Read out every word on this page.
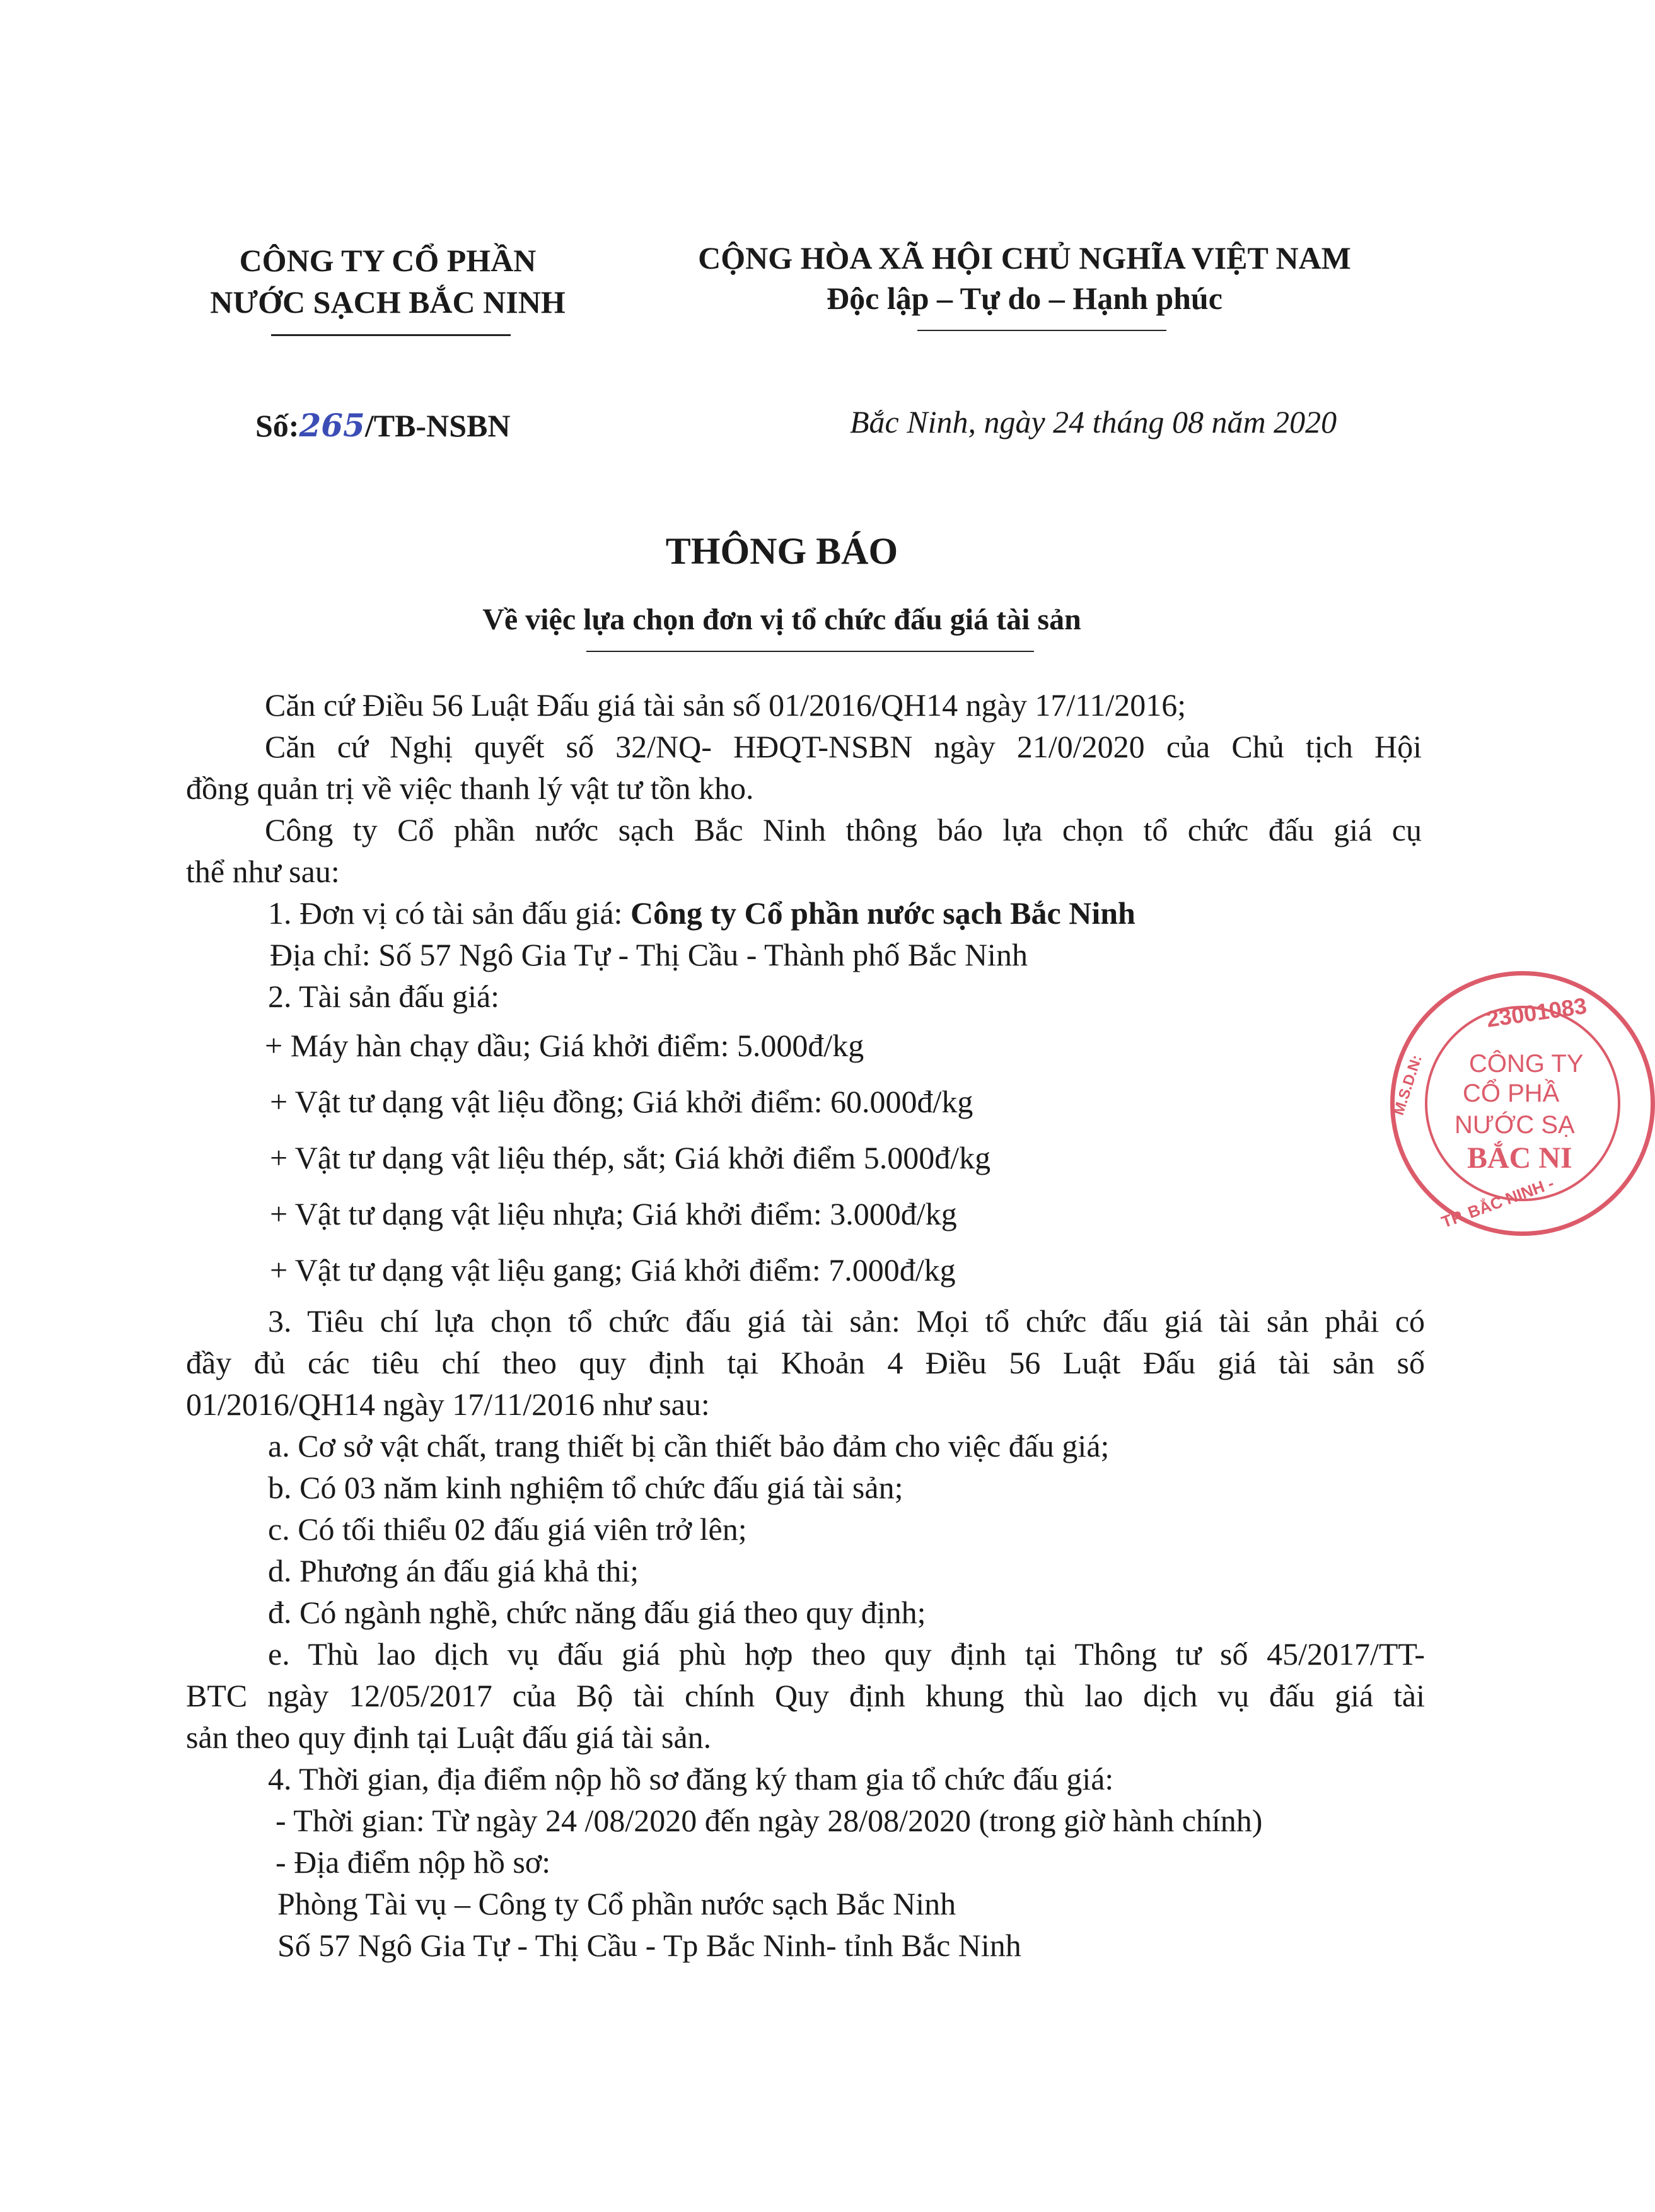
CÔNG TY CỔ PHẦN
NƯỚC SẠCH BẮC NINH
CỘNG HÒA XÃ HỘI CHỦ NGHĨA VIỆT NAM
Độc lập – Tự do – Hạnh phúc
Số:265/TB-NSBN	Bắc Ninh, ngày 24 tháng 08 năm 2020
THÔNG BÁO
Về việc lựa chọn đơn vị tổ chức đấu giá tài sản
Căn cứ Điều 56 Luật Đấu giá tài sản số 01/2016/QH14 ngày 17/11/2016;
Căn cứ Nghị quyết số 32/NQ- HĐQT-NSBN ngày 21/0/2020 của Chủ tịch Hội
đồng quản trị về việc thanh lý vật tư tồn kho.
Công ty Cổ phần nước sạch Bắc Ninh thông báo lựa chọn tổ chức đấu giá cụ
thể như sau:
1. Đơn vị có tài sản đấu giá: Công ty Cổ phần nước sạch Bắc Ninh
Địa chỉ: Số 57 Ngô Gia Tự - Thị Cầu - Thành phố Bắc Ninh
2. Tài sản đấu giá:
+ Máy hàn chạy dầu; Giá khởi điểm: 5.000đ/kg
+ Vật tư dạng vật liệu đồng; Giá khởi điểm: 60.000đ/kg
+ Vật tư dạng vật liệu thép, sắt; Giá khởi điểm 5.000đ/kg
+ Vật tư dạng vật liệu nhựa; Giá khởi điểm: 3.000đ/kg
+ Vật tư dạng vật liệu gang; Giá khởi điểm: 7.000đ/kg
3. Tiêu chí lựa chọn tổ chức đấu giá tài sản: Mọi tổ chức đấu giá tài sản phải có
đầy đủ các tiêu chí theo quy định tại Khoản 4 Điều 56 Luật Đấu giá tài sản số
01/2016/QH14 ngày 17/11/2016 như sau:
a. Cơ sở vật chất, trang thiết bị cần thiết bảo đảm cho việc đấu giá;
b. Có 03 năm kinh nghiệm tổ chức đấu giá tài sản;
c. Có tối thiểu 02 đấu giá viên trở lên;
d. Phương án đấu giá khả thi;
đ. Có ngành nghề, chức năng đấu giá theo quy định;
e. Thù lao dịch vụ đấu giá phù hợp theo quy định tại Thông tư số 45/2017/TT-
BTC ngày 12/05/2017 của Bộ tài chính Quy định khung thù lao dịch vụ đấu giá tài
sản theo quy định tại Luật đấu giá tài sản.
4. Thời gian, địa điểm nộp hồ sơ đăng ký tham gia tổ chức đấu giá:
- Thời gian: Từ ngày 24 /08/2020 đến ngày 28/08/2020 (trong giờ hành chính)
- Địa điểm nộp hồ sơ:
Phòng Tài vụ – Công ty Cổ phần nước sạch Bắc Ninh
Số 57 Ngô Gia Tự - Thị Cầu - Tp Bắc Ninh- tỉnh Bắc Ninh
23001083
M.S.D.N: CÔNG TY
CỔ PHẦ
NƯỚC SẠ
BẮC NI
TP. BẮC NINH -
